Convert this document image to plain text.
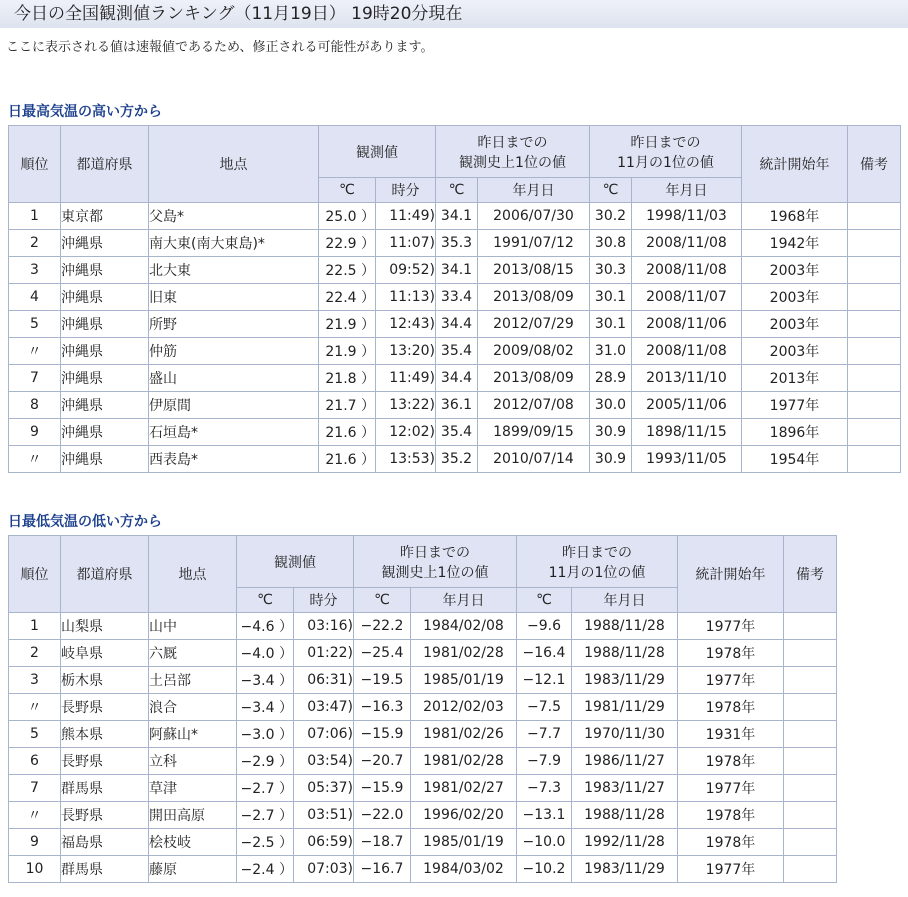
今日の全国観測値ランキング（11月19日） 19時20分現在
ここに表示される値は速報値であるため、修正される可能性があります。
日最高気温の高い方から
順位	都道府県	地点	観測値		昨日までの
観測史上1位の値		昨日までの
11月の1位の値		統計開始年	備考
			℃	時分	℃	年月日	℃	年月日		
1	東京都	父島*	25.0 ）	11:49)	34.1	2006/07/30	30.2	1998/11/03	1968年	
2	沖縄県	南大東(南大東島)*	22.9 ）	11:07)	35.3	1991/07/12	30.8	2008/11/08	1942年	
3	沖縄県	北大東	22.5 ）	09:52)	34.1	2013/08/15	30.3	2008/11/08	2003年	
4	沖縄県	旧東	22.4 ）	11:13)	33.4	2013/08/09	30.1	2008/11/07	2003年	
5	沖縄県	所野	21.9 ）	12:43)	34.4	2012/07/29	30.1	2008/11/06	2003年	
〃	沖縄県	仲筋	21.9 ）	13:20)	35.4	2009/08/02	31.0	2008/11/08	2003年	
7	沖縄県	盛山	21.8 ）	11:49)	34.4	2013/08/09	28.9	2013/11/10	2013年	
8	沖縄県	伊原間	21.7 ）	13:22)	36.1	2012/07/08	30.0	2005/11/06	1977年	
9	沖縄県	石垣島*	21.6 ）	12:02)	35.4	1899/09/15	30.9	1898/11/15	1896年	
〃	沖縄県	西表島*	21.6 ）	13:53)	35.2	2010/07/14	30.9	1993/11/05	1954年	
日最低気温の低い方から
順位	都道府県	地点	観測値		昨日までの
観測史上1位の値		昨日までの
11月の1位の値		統計開始年	備考
			℃	時分	℃	年月日	℃	年月日		
1	山梨県	山中	−4.6 ）	03:16)	−22.2	1984/02/08	−9.6	1988/11/28	1977年	
2	岐阜県	六厩	−4.0 ）	01:22)	−25.4	1981/02/28	−16.4	1988/11/28	1978年	
3	栃木県	土呂部	−3.4 ）	06:31)	−19.5	1985/01/19	−12.1	1983/11/29	1977年	
〃	長野県	浪合	−3.4 ）	03:47)	−16.3	2012/02/03	−7.5	1981/11/29	1978年	
5	熊本県	阿蘇山*	−3.0 ）	07:06)	−15.9	1981/02/26	−7.7	1970/11/30	1931年	
6	長野県	立科	−2.9 ）	03:54)	−20.7	1981/02/28	−7.9	1986/11/27	1978年	
7	群馬県	草津	−2.7 ）	05:37)	−15.9	1981/02/27	−7.3	1983/11/27	1977年	
〃	長野県	開田高原	−2.7 ）	03:51)	−22.0	1996/02/20	−13.1	1988/11/28	1978年	
9	福島県	桧枝岐	−2.5 ）	06:59)	−18.7	1985/01/19	−10.0	1992/11/28	1978年	
10	群馬県	藤原	−2.4 ）	07:03)	−16.7	1984/03/02	−10.2	1983/11/29	1977年	
